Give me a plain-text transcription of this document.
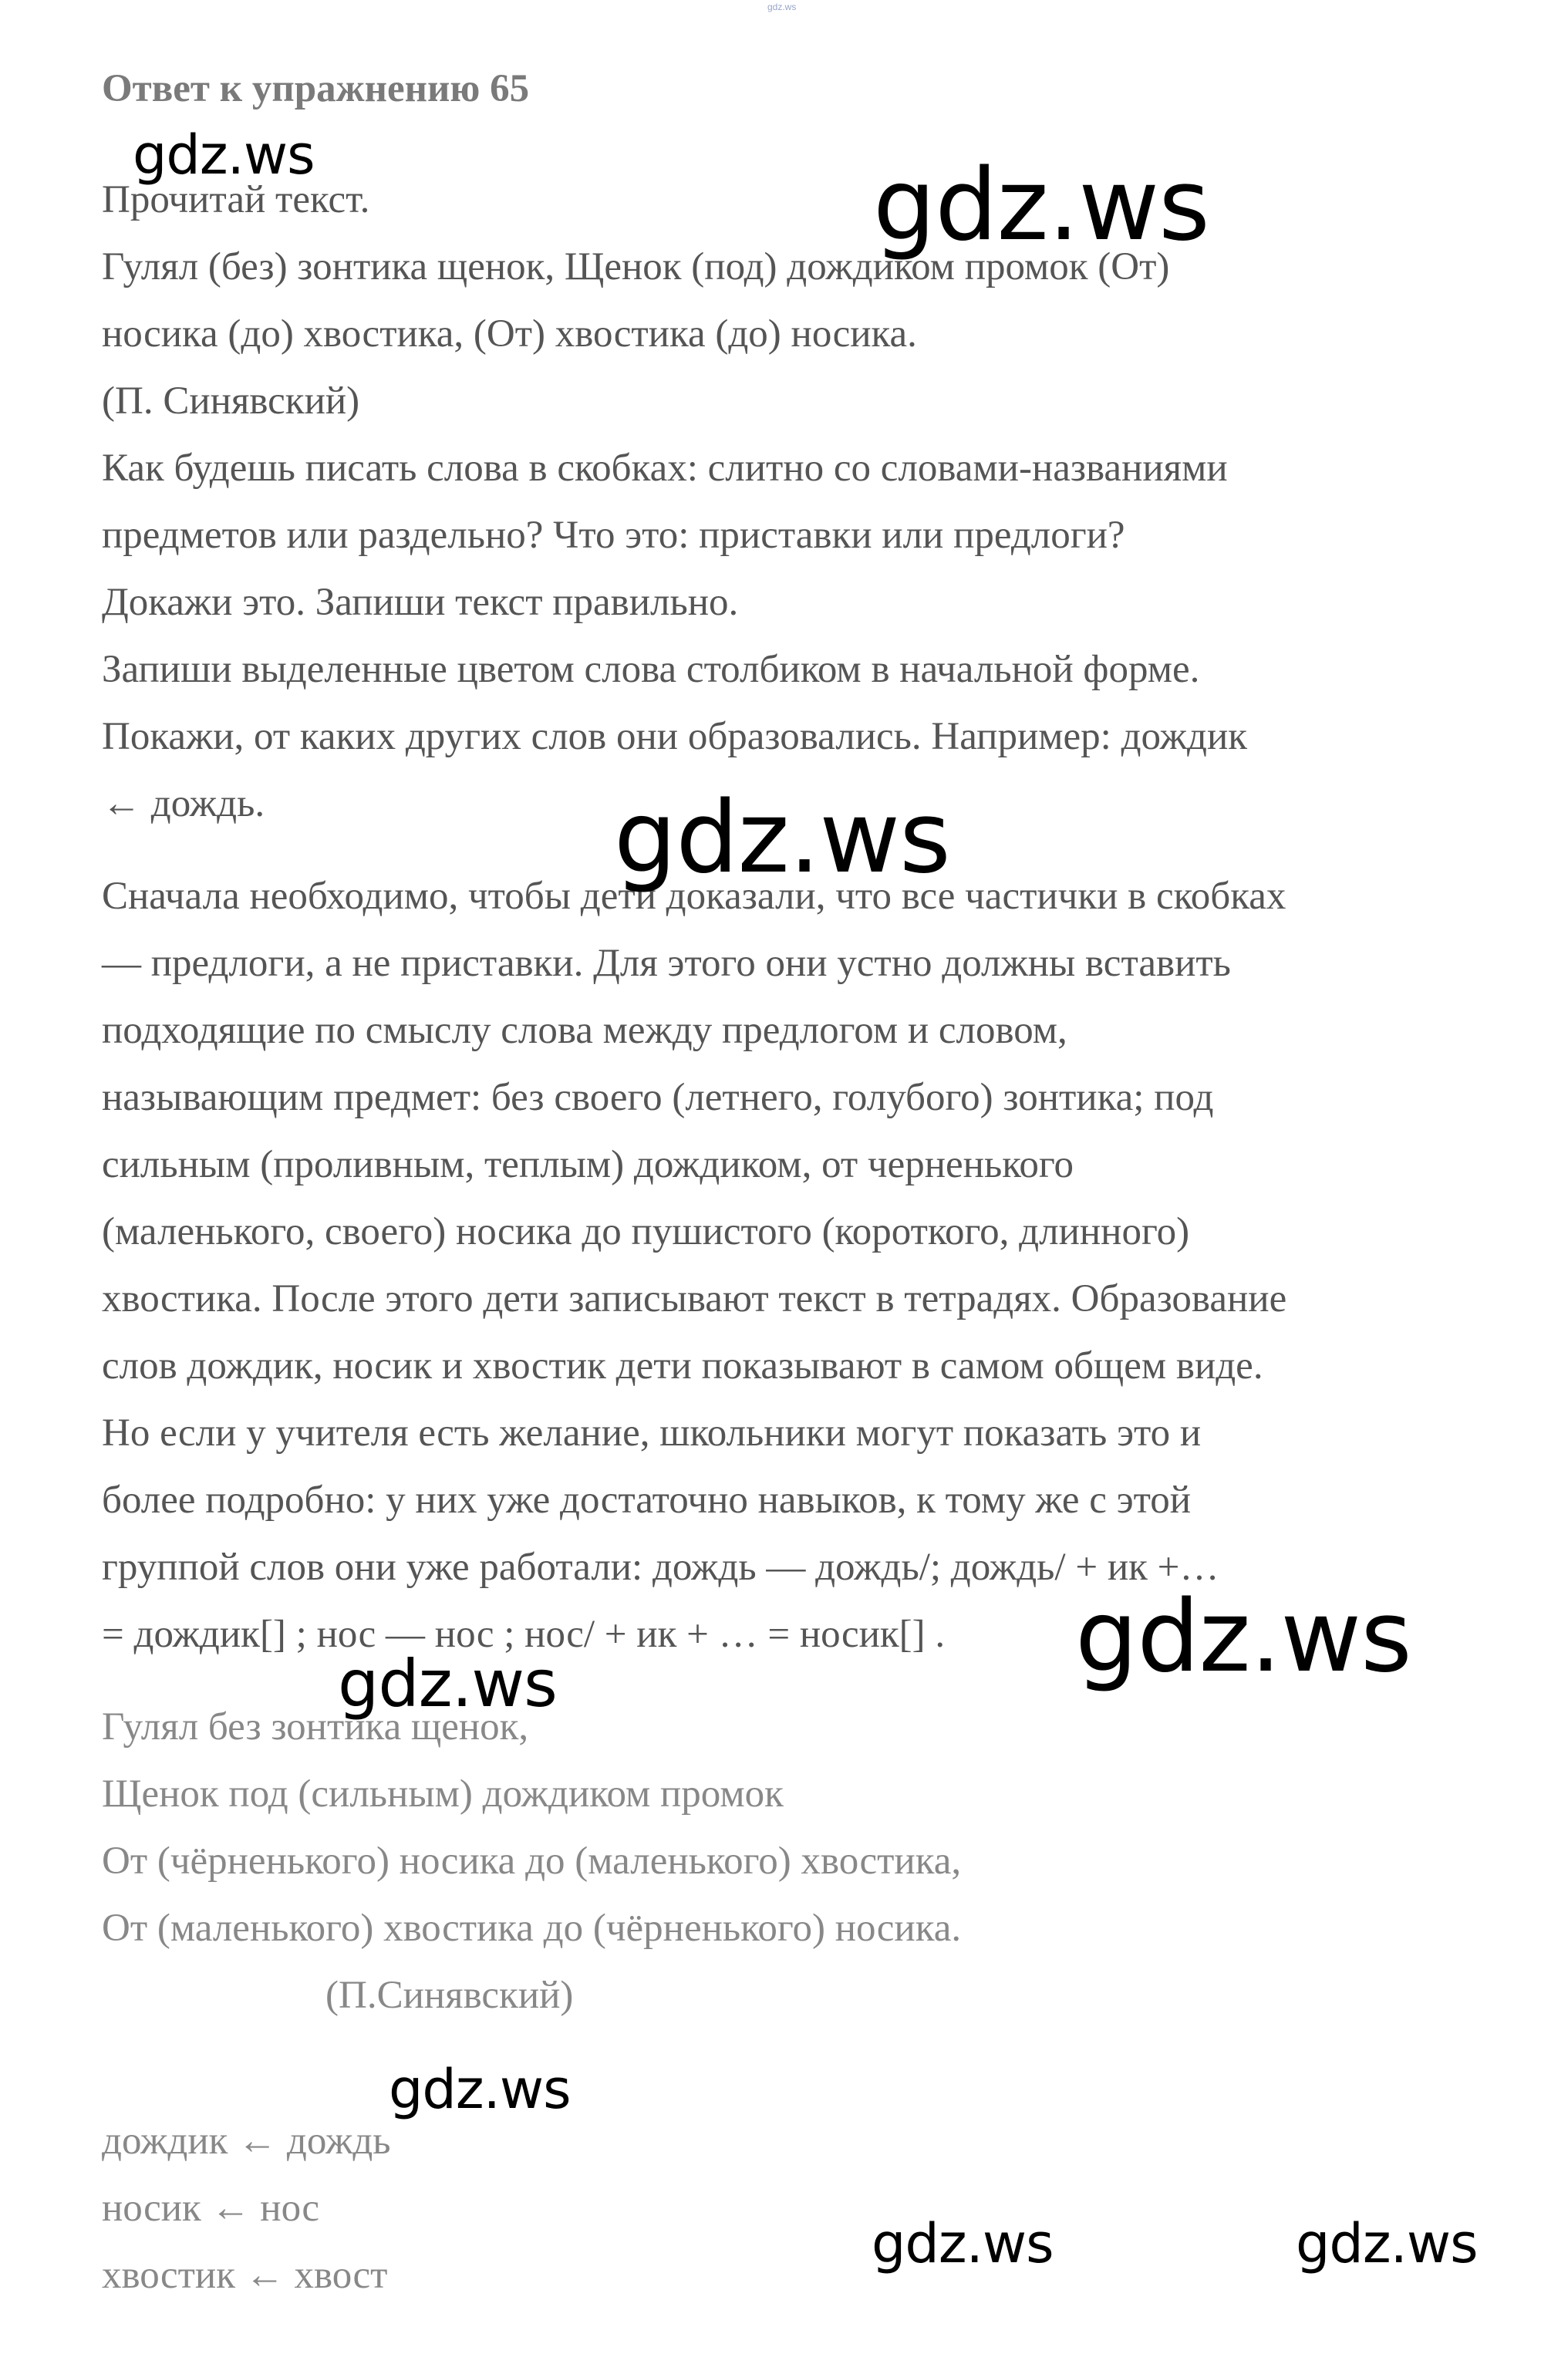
gdz.ws
Ответ к упражнению 65
Прочитай текст.
Гулял (без) зонтика щенок, Щенок (под) дождиком промок (От)
носика (до) хвостика, (От) хвостика (до) носика.
(П. Синявский)
Как будешь писать слова в скобках: слитно со словами-названиями
предметов или раздельно? Что это: приставки или предлоги?
Докажи это. Запиши текст правильно.
Запиши выделенные цветом слова столбиком в начальной форме.
Покажи, от каких других слов они образовались. Например: дождик
← дождь.
Сначала необходимо, чтобы дети доказали, что все частички в скобках
— предлоги, а не приставки. Для этого они устно должны вставить
подходящие по смыслу слова между предлогом и словом,
называющим предмет: без своего (летнего, голубого) зонтика; под
сильным (проливным, теплым) дождиком, от черненького
(маленького, своего) носика до пушистого (короткого, длинного)
хвостика. После этого дети записывают текст в тетрадях. Образование
слов дождик, носик и хвостик дети показывают в самом общем виде.
Но если у учителя есть желание, школьники могут показать это и
более подробно: у них уже достаточно навыков, к тому же с этой
группой слов они уже работали: дождь — дождь/; дождь/ + ик +…
= дождик[] ; нос — нос ; нос/ + ик + … = носик[] .
Гулял без зонтика щенок,
Щенок под (сильным) дождиком промок
От (чёрненького) носика до (маленького) хвостика,
От (маленького) хвостика до (чёрненького) носика.
(П.Синявский)
дождик ← дождь
носик ← нос
хвостик ← хвост
gdz.ws	gdz.ws
gdz.ws
gdz.ws
gdz.ws
gdz.ws
gdz.ws	gdz.ws
